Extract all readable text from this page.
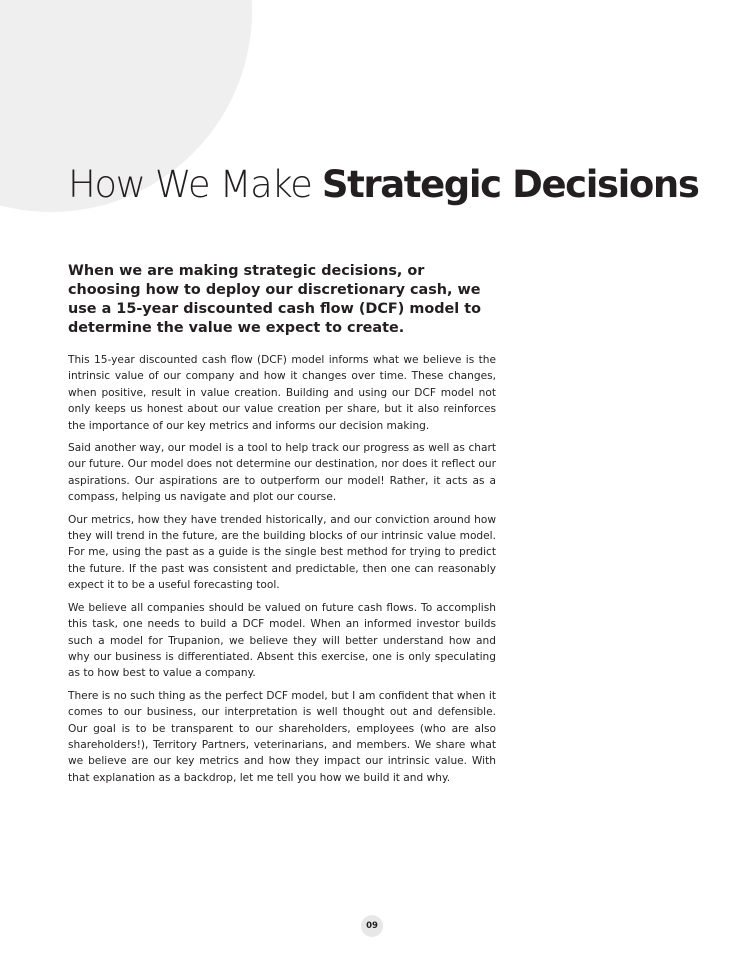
How We Make Strategic Decisions

When we are making strategic decisions, or choosing how to deploy our discretionary cash, we use a 15-year discounted cash flow (DCF) model to determine the value we expect to create.

This 15-year discounted cash flow (DCF) model informs what we believe is the intrinsic value of our company and how it changes over time. These changes, when positive, result in value creation. Building and using our DCF model not only keeps us honest about our value creation per share, but it also reinforces the importance of our key metrics and informs our decision making.

Said another way, our model is a tool to help track our progress as well as chart our future. Our model does not determine our destination, nor does it reflect our aspirations. Our aspirations are to outperform our model! Rather, it acts as a compass, helping us navigate and plot our course.

Our metrics, how they have trended historically, and our conviction around how they will trend in the future, are the building blocks of our intrinsic value model. For me, using the past as a guide is the single best method for trying to predict the future. If the past was consistent and predictable, then one can reasonably expect it to be a useful forecasting tool.

We believe all companies should be valued on future cash flows. To accomplish this task, one needs to build a DCF model. When an informed investor builds such a model for Trupanion, we believe they will better understand how and why our business is differentiated. Absent this exercise, one is only speculating as to how best to value a company.

There is no such thing as the perfect DCF model, but I am confident that when it comes to our business, our interpretation is well thought out and defensible. Our goal is to be transparent to our shareholders, employees (who are also shareholders!), Territory Partners, veterinarians, and members. We share what we believe are our key metrics and how they impact our intrinsic value. With that explanation as a backdrop, let me tell you how we build it and why.

09
